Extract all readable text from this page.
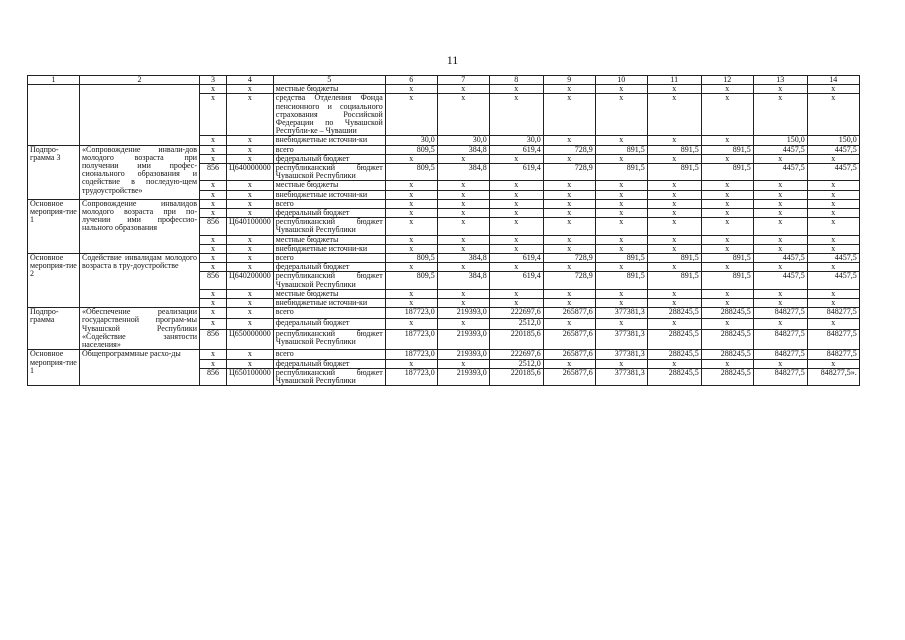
11
1	2	3	4	5	6	7	8	9	10	11	12	13	14
		х	х	местные бюджеты	х	х	х	х	х	х	х	х	х
		х	х	средства Отделения Фонда пенсионного и социального страхования Российской Федерации по Чувашской Республи-ке – Чувашии	х	х	х	х	х	х	х	х	х
		х	х	внебюджетные источни-ки	30,0	30,0	30,0	х	х	х	х	150,0	150,0
Подпро-грамма 3	«Сопровождение инвали-дов молодого возраста при получении ими профес-сионального образования и содействие в последую-щем трудоустройстве»	х	х	всего	809,5	384,8	619,4	728,9	891,5	891,5	891,5	4457,5	4457,5
		х	х	федеральный бюджет	х	х	х	х	х	х	х	х	х
		856	Ц640000000	республиканский бюджет Чувашской Республики	809,5	384,8	619,4	728,9	891,5	891,5	891,5	4457,5	4457,5
		х	х	местные бюджеты	х	х	х	х	х	х	х	х	х
		х	х	внебюджетные источни-ки	х	х	х	х	х	х	х	х	х
Основное мероприя-тие 1	Сопровождение инвалидов молодого возраста при по-лучении ими профессио-нального образования	х	х	всего	х	х	х	х	х	х	х	х	х
		х	х	федеральный бюджет	х	х	х	х	х	х	х	х	х
		856	Ц640100000	республиканский бюджет Чувашской Республики	х	х	х	х	х	х	х	х	х
		х	х	местные бюджеты	х	х	х	х	х	х	х	х	х
		х	х	внебюджетные источни-ки	х	х	х	х	х	х	х	х	х
Основное мероприя-тие 2	Содействие инвалидам молодого возраста в тру-доустройстве	х	х	всего	809,5	384,8	619,4	728,9	891,5	891,5	891,5	4457,5	4457,5
		х	х	федеральный бюджет	х	х	х	х	х	х	х	х	х
		856	Ц640200000	республиканский бюджет Чувашской Республики	809,5	384,8	619,4	728,9	891,5	891,5	891,5	4457,5	4457,5
		х	х	местные бюджеты	х	х	х	х	х	х	х	х	х
		х	х	внебюджетные источни-ки	х	х	х	х	х	х	х	х	х
Подпро-грамма	«Обеспечение реализации государственной програм-мы Чувашской Республики «Содействие занятости населения»	х	х	всего	187723,0	219393,0	222697,6	265877,6	377381,3	288245,5	288245,5	848277,5	848277,5
		х	х	федеральный бюджет	х	х	2512,0	х	х	х	х	х	х
		856	Ц650000000	республиканский бюджет Чувашской Республики	187723,0	219393,0	220185,6	265877,6	377381,3	288245,5	288245,5	848277,5	848277,5
Основное мероприя-тие 1	Общепрограммные расхо-ды	х	х	всего	187723,0	219393,0	222697,6	265877,6	377381,3	288245,5	288245,5	848277,5	848277,5
		х	х	федеральный бюджет	х	х	2512,0	х	х	х	х	х	х
		856	Ц650100000	республиканский бюджет Чувашской Республики	187723,0	219393,0	220185,6	265877,6	377381,3	288245,5	288245,5	848277,5	848277,5».
